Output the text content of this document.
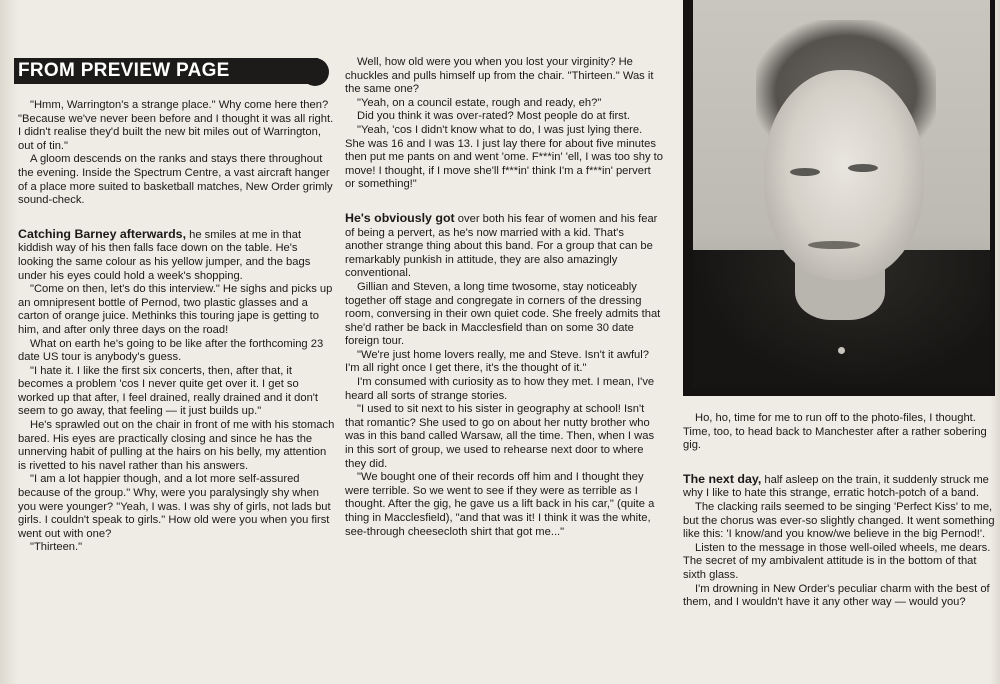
FROM PREVIEW PAGE

"Hmm, Warrington's a strange place." Why come here then? "Because we've never been before and I thought it was all right. I didn't realise they'd built the new bit miles out of Warrington, out of tin."

A gloom descends on the ranks and stays there throughout the evening. Inside the Spectrum Centre, a vast aircraft hanger of a place more suited to basketball matches, New Order grimly sound-check.

Catching Barney afterwards, he smiles at me in that kiddish way of his then falls face down on the table. He's looking the same colour as his yellow jumper, and the bags under his eyes could hold a week's shopping.

"Come on then, let's do this interview." He sighs and picks up an omnipresent bottle of Pernod, two plastic glasses and a carton of orange juice. Methinks this touring jape is getting to him, and after only three days on the road!

What on earth he's going to be like after the forthcoming 23 date US tour is anybody's guess.

"I hate it. I like the first six concerts, then, after that, it becomes a problem 'cos I never quite get over it. I get so worked up that after, I feel drained, really drained and it don't seem to go away, that feeling — it just builds up."

He's sprawled out on the chair in front of me with his stomach bared. His eyes are practically closing and since he has the unnerving habit of pulling at the hairs on his belly, my attention is rivetted to his navel rather than his answers.

"I am a lot happier though, and a lot more self-assured because of the group." Why, were you paralysingly shy when you were younger? "Yeah, I was. I was shy of girls, not lads but girls. I couldn't speak to girls." How old were you when you first went out with one?

"Thirteen."

Well, how old were you when you lost your virginity? He chuckles and pulls himself up from the chair. "Thirteen." Was it the same one?

"Yeah, on a council estate, rough and ready, eh?"

Did you think it was over-rated? Most people do at first.

"Yeah, 'cos I didn't know what to do, I was just lying there. She was 16 and I was 13. I just lay there for about five minutes then put me pants on and went 'ome. F***in' 'ell, I was too shy to move! I thought, if I move she'll f***in' think I'm a f***in' pervert or something!"

He's obviously got over both his fear of women and his fear of being a pervert, as he's now married with a kid. That's another strange thing about this band. For a group that can be remarkably punkish in attitude, they are also amazingly conventional.

Gillian and Steven, a long time twosome, stay noticeably together off stage and congregate in corners of the dressing room, conversing in their own quiet code. She freely admits that she'd rather be back in Macclesfield than on some 30 date foreign tour.

"We're just home lovers really, me and Steve. Isn't it awful? I'm all right once I get there, it's the thought of it."

I'm consumed with curiosity as to how they met. I mean, I've heard all sorts of strange stories.

"I used to sit next to his sister in geography at school! Isn't that romantic? She used to go on about her nutty brother who was in this band called Warsaw, all the time. Then, when I was in this sort of group, we used to rehearse next door to where they did.

"We bought one of their records off him and I thought they were terrible. So we went to see if they were as terrible as I thought. After the gig, he gave us a lift back in his car," (quite a thing in Macclesfield), "and that was it! I think it was the white, see-through cheesecloth shirt that got me..."

Ho, ho, time for me to run off to the photo-files, I thought. Time, too, to head back to Manchester after a rather sobering gig.

The next day, half asleep on the train, it suddenly struck me why I like to hate this strange, erratic hotch-potch of a band.

The clacking rails seemed to be singing 'Perfect Kiss' to me, but the chorus was ever-so slightly changed. It went something like this: 'I know/and you know/we believe in the big Pernod!'.

Listen to the message in those well-oiled wheels, me dears. The secret of my ambivalent attitude is in the bottom of that sixth glass.

I'm drowning in New Order's peculiar charm with the best of them, and I wouldn't have it any other way — would you?
